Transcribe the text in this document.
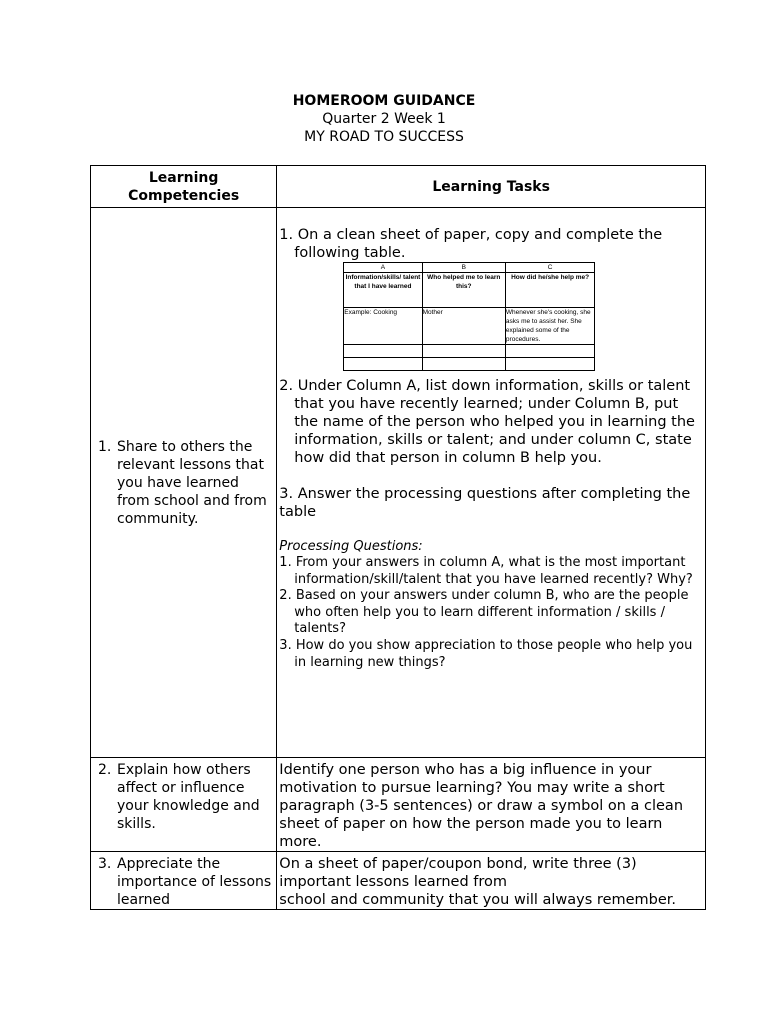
HOMEROOM GUIDANCE
Quarter 2 Week 1
MY ROAD TO SUCCESS
Learning Competencies	Learning Tasks

1. Share to others the relevant lessons that you have learned from school and from community.

1. On a clean sheet of paper, copy and complete the following table.
A	B	C
Information/skills/ talent that I have learned	Who helped me to learn this?	How did he/she help me?
Example: Cooking	Mother	Whenever she's cooking, she asks me to assist her. She explained some of the procedures.

2. Under Column A, list down information, skills or talent that you have recently learned; under Column B, put the name of the person who helped you in learning the information, skills or talent; and under column C, state how did that person in column B help you.
3. Answer the processing questions after completing the table
Processing Questions:
1. From your answers in column A, what is the most important information/skill/talent that you have learned recently? Why?
2. Based on your answers under column B, who are the people who often help you to learn different information / skills / talents?
3. How do you show appreciation to those people who help you in learning new things?

2. Explain how others affect or influence your knowledge and skills.

Identify one person who has a big influence in your motivation to pursue learning? You may write a short paragraph (3-5 sentences) or draw a symbol on a clean sheet of paper on how the person made you to learn more.

3. Appreciate the importance of lessons learned

On a sheet of paper/coupon bond, write three (3) important lessons learned from
school and community that you will always remember.
